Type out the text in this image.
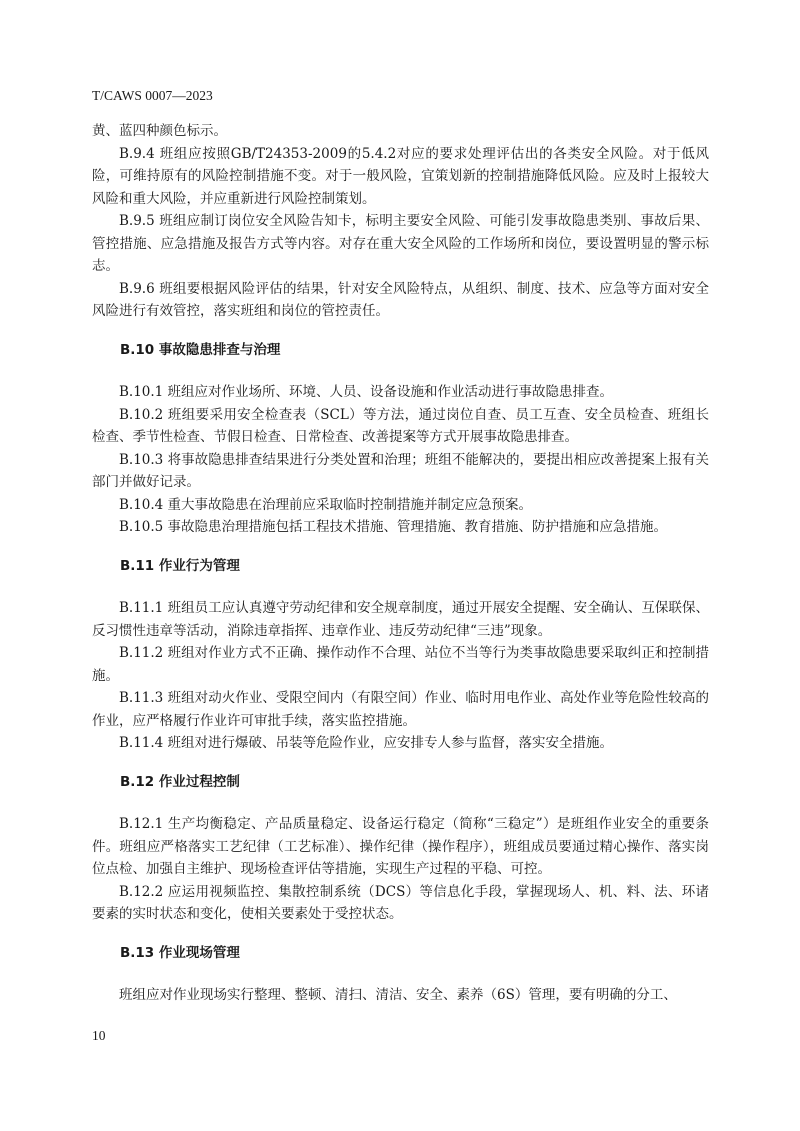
T/CAWS 0007—2023

黄、蓝四种颜色标示。

B.9.4 班组应按照GB/T24353-2009的5.4.2对应的要求处理评估出的各类安全风险。对于低风险，可维持原有的风险控制措施不变。对于一般风险，宜策划新的控制措施降低风险。应及时上报较大风险和重大风险，并应重新进行风险控制策划。

B.9.5 班组应制订岗位安全风险告知卡，标明主要安全风险、可能引发事故隐患类别、事故后果、管控措施、应急措施及报告方式等内容。对存在重大安全风险的工作场所和岗位，要设置明显的警示标志。

B.9.6 班组要根据风险评估的结果，针对安全风险特点，从组织、制度、技术、应急等方面对安全风险进行有效管控，落实班组和岗位的管控责任。

B.10 事故隐患排查与治理

B.10.1 班组应对作业场所、环境、人员、设备设施和作业活动进行事故隐患排查。

B.10.2 班组要采用安全检查表（SCL）等方法，通过岗位自查、员工互查、安全员检查、班组长检查、季节性检查、节假日检查、日常检查、改善提案等方式开展事故隐患排查。

B.10.3 将事故隐患排查结果进行分类处置和治理；班组不能解决的，要提出相应改善提案上报有关部门并做好记录。

B.10.4 重大事故隐患在治理前应采取临时控制措施并制定应急预案。

B.10.5 事故隐患治理措施包括工程技术措施、管理措施、教育措施、防护措施和应急措施。

B.11 作业行为管理

B.11.1 班组员工应认真遵守劳动纪律和安全规章制度，通过开展安全提醒、安全确认、互保联保、反习惯性违章等活动，消除违章指挥、违章作业、违反劳动纪律“三违”现象。

B.11.2 班组对作业方式不正确、操作动作不合理、站位不当等行为类事故隐患要采取纠正和控制措施。

B.11.3 班组对动火作业、受限空间内（有限空间）作业、临时用电作业、高处作业等危险性较高的作业，应严格履行作业许可审批手续，落实监控措施。

B.11.4 班组对进行爆破、吊装等危险作业，应安排专人参与监督，落实安全措施。

B.12 作业过程控制

B.12.1 生产均衡稳定、产品质量稳定、设备运行稳定（简称“三稳定”）是班组作业安全的重要条件。班组应严格落实工艺纪律（工艺标准）、操作纪律（操作程序），班组成员要通过精心操作、落实岗位点检、加强自主维护、现场检查评估等措施，实现生产过程的平稳、可控。

B.12.2 应运用视频监控、集散控制系统（DCS）等信息化手段，掌握现场人、机、料、法、环诸要素的实时状态和变化，使相关要素处于受控状态。

B.13 作业现场管理

班组应对作业现场实行整理、整顿、清扫、清洁、安全、素养（6S）管理，要有明确的分工、

10
